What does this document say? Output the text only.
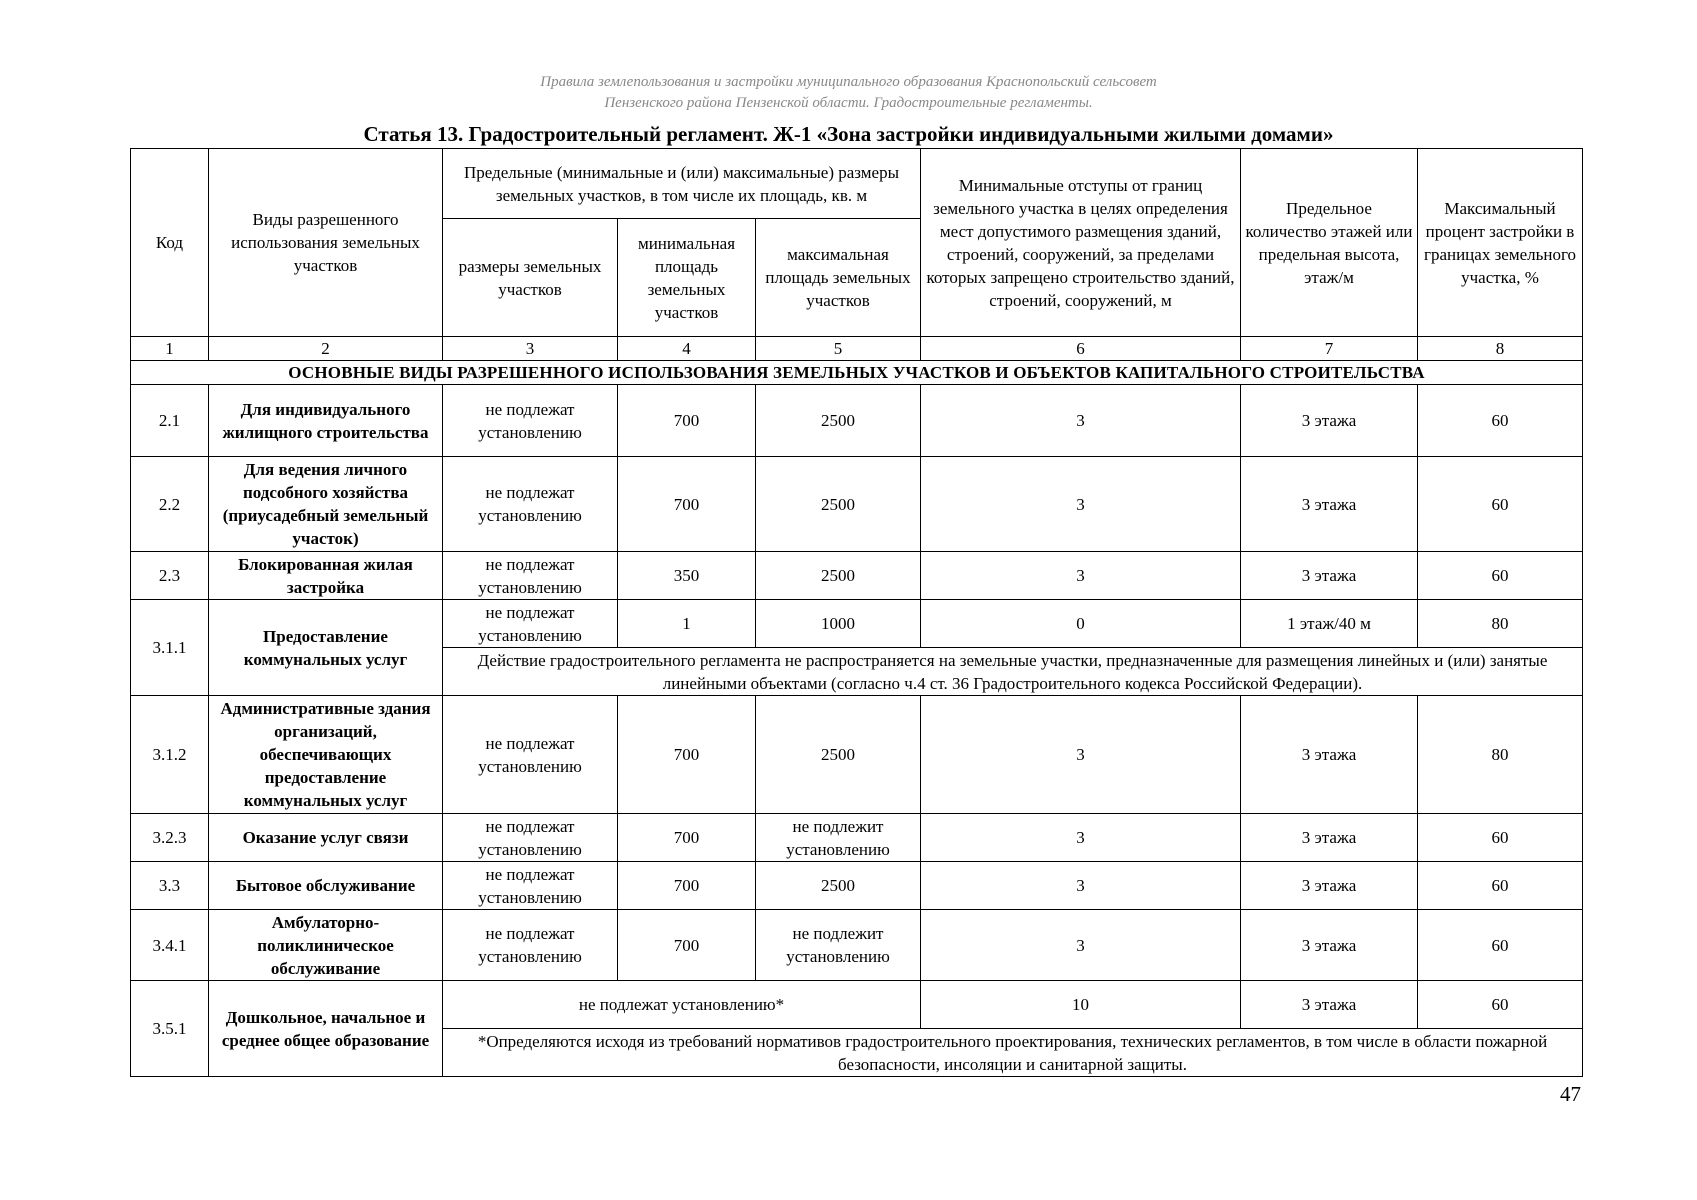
Правила землепользования и застройки муниципального образования Краснопольский сельсовет
Пензенского района Пензенской области. Градостроительные регламенты.
Статья 13. Градостроительный регламент. Ж-1 «Зона застройки индивидуальными жилыми домами»
Код	Виды разрешенного использования земельных участков	Предельные (минимальные и (или) максимальные) размеры земельных участков, в том числе их площадь, кв. м			Минимальные отступы от границ земельного участка в целях определения мест допустимого размещения зданий, строений, сооружений, за пределами которых запрещено строительство зданий, строений, сооружений, м	Предельное количество этажей или предельная высота, этаж/м	Максимальный процент застройки в границах земельного участка, %
		размеры земельных участков	минимальная площадь земельных участков	максимальная площадь земельных участков			
1	2	3	4	5	6	7	8
ОСНОВНЫЕ ВИДЫ РАЗРЕШЕННОГО ИСПОЛЬЗОВАНИЯ ЗЕМЕЛЬНЫХ УЧАСТКОВ И ОБЪЕКТОВ КАПИТАЛЬНОГО СТРОИТЕЛЬСТВА							
2.1	Для индивидуального жилищного строительства	не подлежат установлению	700	2500	3	3 этажа	60
2.2	Для ведения личного подсобного хозяйства (приусадебный земельный участок)	не подлежат установлению	700	2500	3	3 этажа	60
2.3	Блокированная жилая застройка	не подлежат установлению	350	2500	3	3 этажа	60
3.1.1	Предоставление коммунальных услуг	не подлежат установлению	1	1000	0	1 этаж/40 м	80
		Действие градостроительного регламента не распространяется на земельные участки, предназначенные для размещения линейных и (или) занятые линейными объектами (согласно ч.4 ст. 36 Градостроительного кодекса Российской Федерации).					
3.1.2	Административные здания организаций, обеспечивающих предоставление коммунальных услуг	не подлежат установлению	700	2500	3	3 этажа	80
3.2.3	Оказание услуг связи	не подлежат установлению	700	не подлежит установлению	3	3 этажа	60
3.3	Бытовое обслуживание	не подлежат установлению	700	2500	3	3 этажа	60
3.4.1	Амбулаторно-поликлиническое обслуживание	не подлежат установлению	700	не подлежит установлению	3	3 этажа	60
3.5.1	Дошкольное, начальное и среднее общее образование	не подлежат установлению*			10	3 этажа	60
		*Определяются исходя из требований нормативов градостроительного проектирования, технических регламентов, в том числе в области пожарной безопасности, инсоляции и санитарной защиты.					
47
